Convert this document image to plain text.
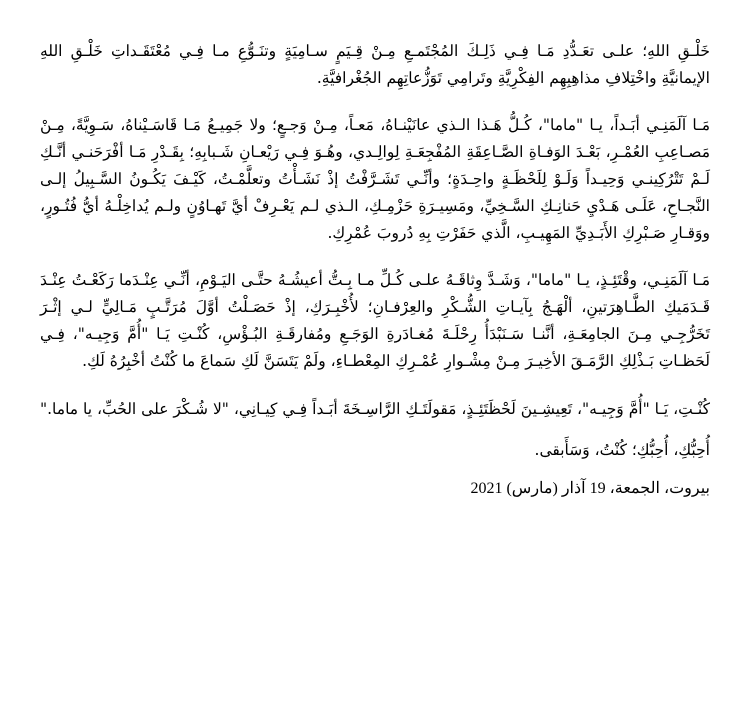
خَلْـقِ اللهِ؛ علـى تعَـدُّدِ مَـا فِـي ذَلِـكَ المُجْتَمـعِ مِـنْ قِـيَمٍ سـامِيَةٍ وتنَـوُّعِ مـا فِـي مُعْتَقَـداتِ خَلْـقِ اللهِ الإيمانيَّةِ واخْتِلافِ مذاهِبِهِم الفِكْرِيَّةِ وتَرامِي تَوَزُّعاتِهِم الجُغْرافيَّةِ.

مَـا آلَمَنِـي أبَـداً، يـا "ماما"، كُـلُّ هَـذا الـذي عانَيْنـاهُ، مَعـاً، مِـنْ وَجـعٍ؛ ولا جَمِيـعُ مَـا قَاسَـيْناهُ، سَـوِيَّةً، مِـنْ مَصـاعِبِ العُمْـرِ، بَعْـدَ الوَفـاةِ الصَّـاعِقَةِ المُفْجِعَـةِ لِوالِـدي، وهُـوَ فِـي رَيْعـانِ شَـبابِهِ؛ بِقَـدْرِ مَـا أفْرَحَنـي أنَّـكِ لَـمْ تَتْرُكِينـي وَحِيـداً وَلَـوْ لِلَحْظَـةٍ واحِـدَةٍ؛ وأنِّـي تَشَـرَّفْتُ إذْ نَشَـأْتُ وتعلَّمْـتُ، كَيْـفَ يَكُـونُ السَّـبِيلُ إلـى النَّجـاحِ، عَلَـى هَـدْيِ حَنانِـكِ السَّـخِيِّ، ومَسِيـرَةِ حَزْمِـكِ، الـذي لـم يَعْـرِفْ أيَّ تَهـاوُنٍ ولـم يُداخِلْـهُ أيُّ فُتُـورٍ، ووَقـارِ صَـبْرِكِ الأَبَـدِيِّ المَهِيـبِ، الَّذي حَفَرْتِ بِهِ دُروبَ عُمْرِكِ.

مَـا آلَمَنِـي، وقْتَئِـذٍ، يـا "ماما"، وَشَـدَّ وِثاقَـهُ علـى كُـلِّ مـا بِـتُّ أعيشُـهُ حتَّـى اليَـوْمِ، أنِّـي عِنْـدَما رَكَعْـتُ عِنْـدَ قَـدَمَيكِ الطَّـاهِرَتينِ، ألْهَـجُ بِآيـاتِ الشُّـكْرِ والعِرْفـانِ؛ لأُخْبِـرَكِ، إذْ حَصَـلْتُ أوَّلَ مُرَتَّـبٍ مَـالِيٍّ لـي إثْـرَ تَخَرُّجِـي مِـنَ الجامِعَـةِ، أنَّنـا سَـنَبْدَأُ رِحْلَـةَ مُغـادَرةِ الوَجَـعِ ومُفارقَـةِ البُـؤْسِ، كُنْـتِ يَـا "أُمَّ وَجِيـه"، فِـي لَحَظـاتِ بَـذْلِكِ الرَّمَـقَ الأخِيـرَ مِـنْ مِشْـوارِ عُمْـرِكِ المِعْطـاءِ، ولَمْ يَتَسَنَّ لَكِ سَماعَ ما كُنْتُ أخْبِرُهُ لَكِ.

كُنْـتِ، يَـا "أُمَّ وَجِيـه"، تَعِيشِـينَ لَحْظَتَئِـذٍ، مَقولَتَـكِ الرَّاسِـخَةَ أبَـداً فِـي كِيـانِي، "لا شُـكْرَ على الحُبِّ، يا ماما."

أُحِبُّكِ، أُحِبُّكِ؛ كُنْتُ، وَسَأَبقى.

بيروت، الجمعة، 19 آذار (مارس) 2021
